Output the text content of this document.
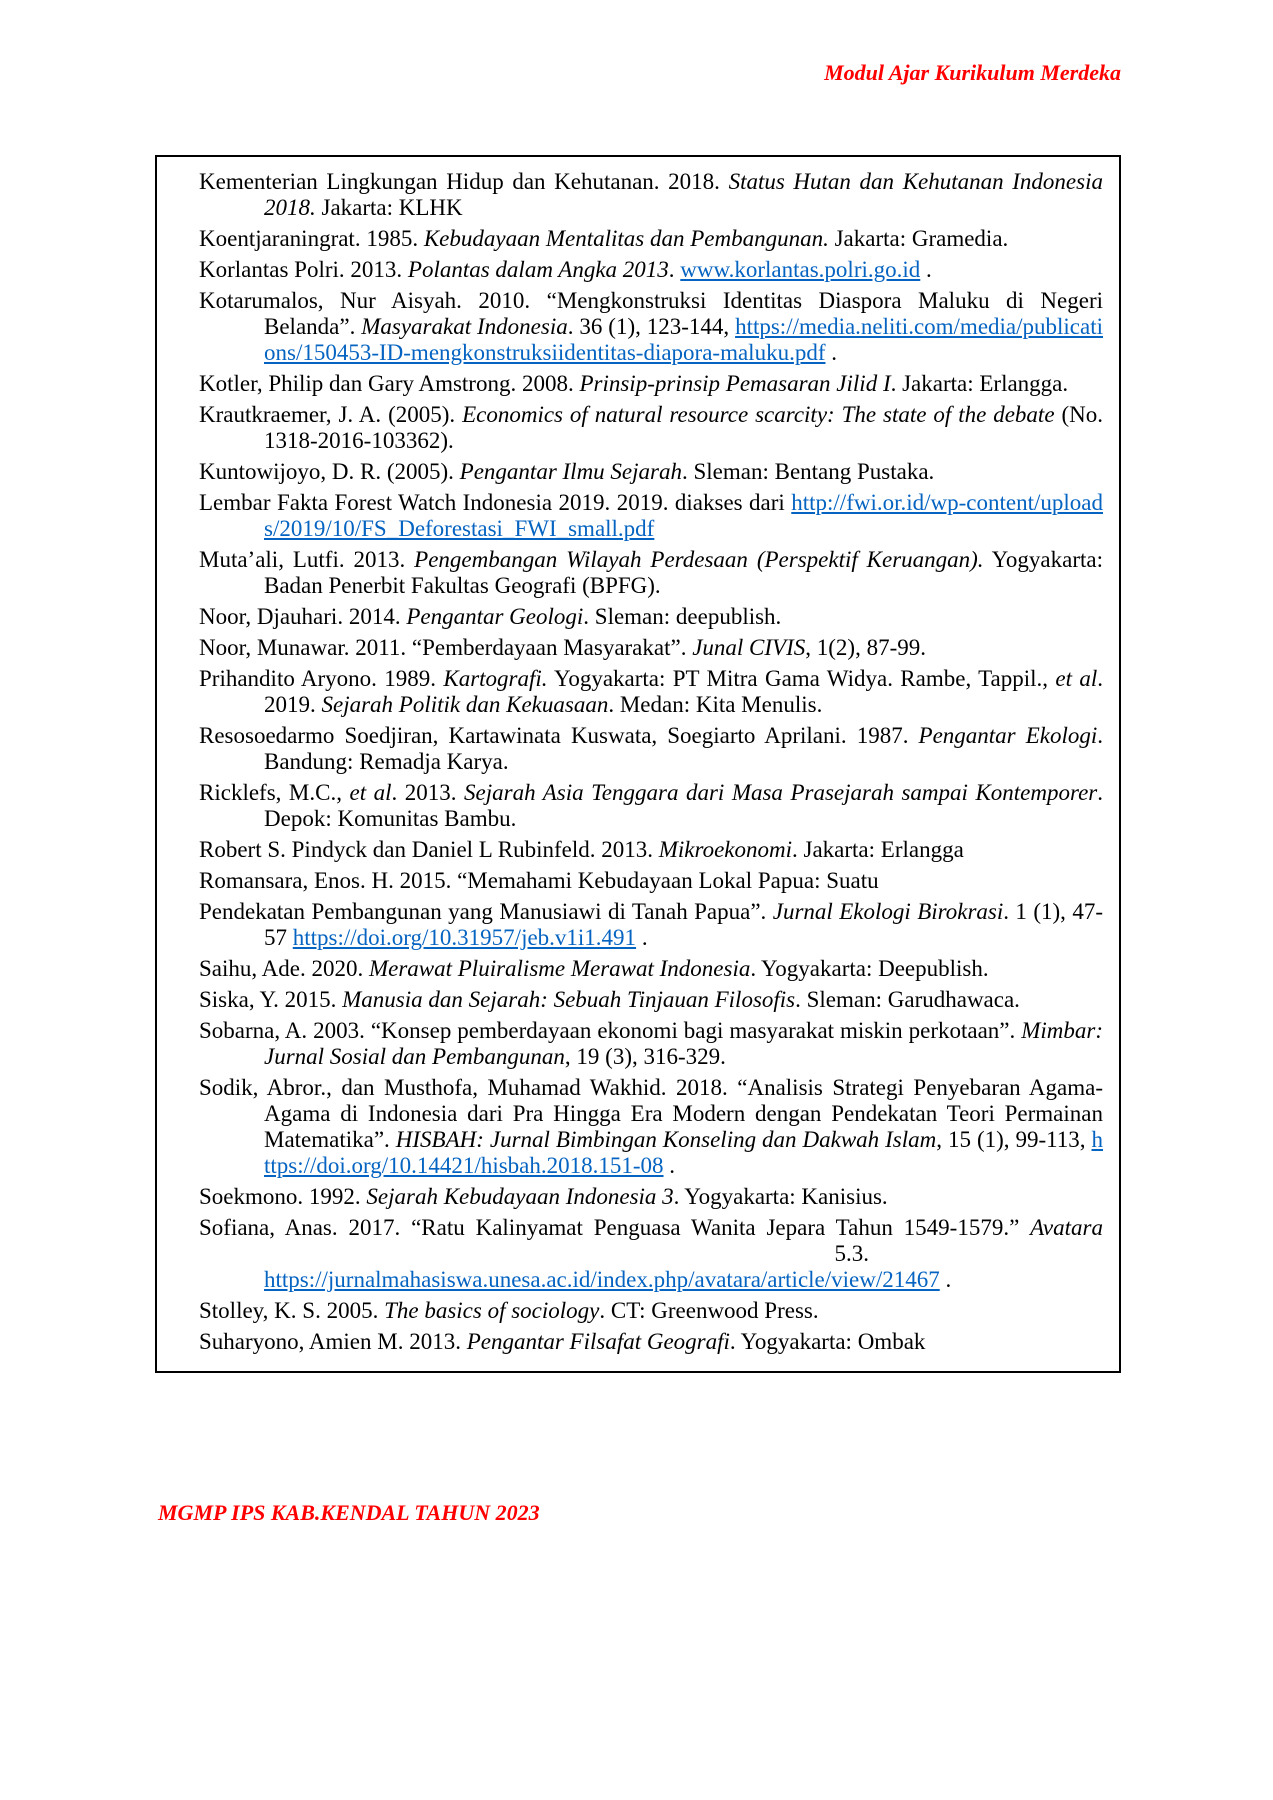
Modul Ajar Kurikulum Merdeka

Kementerian Lingkungan Hidup dan Kehutanan. 2018. Status Hutan dan Kehutanan Indonesia 2018. Jakarta: KLHK

Koentjaraningrat. 1985. Kebudayaan Mentalitas dan Pembangunan. Jakarta: Gramedia.

Korlantas Polri. 2013. Polantas dalam Angka 2013. www.korlantas.polri.go.id .

Kotarumalos, Nur Aisyah. 2010. “Mengkonstruksi Identitas Diaspora Maluku di Negeri Belanda”. Masyarakat Indonesia. 36 (1), 123-144, https://media.neliti.com/media/publications/150453-ID-mengkonstruksiidentitas-diapora-maluku.pdf .

Kotler, Philip dan Gary Amstrong. 2008. Prinsip-prinsip Pemasaran Jilid I. Jakarta: Erlangga.

Krautkraemer, J. A. (2005). Economics of natural resource scarcity: The state of the debate (No. 1318-2016-103362).

Kuntowijoyo, D. R. (2005). Pengantar Ilmu Sejarah. Sleman: Bentang Pustaka.

Lembar Fakta Forest Watch Indonesia 2019. 2019. diakses dari http://fwi.or.id/wp-content/uploads/2019/10/FS_Deforestasi_FWI_small.pdf

Muta’ali, Lutfi. 2013. Pengembangan Wilayah Perdesaan (Perspektif Keruangan). Yogyakarta: Badan Penerbit Fakultas Geografi (BPFG).

Noor, Djauhari. 2014. Pengantar Geologi. Sleman: deepublish.

Noor, Munawar. 2011. “Pemberdayaan Masyarakat”. Junal CIVIS, 1(2), 87-99.

Prihandito Aryono. 1989. Kartografi. Yogyakarta: PT Mitra Gama Widya. Rambe, Tappil., et al. 2019. Sejarah Politik dan Kekuasaan. Medan: Kita Menulis.

Resosoedarmo Soedjiran, Kartawinata Kuswata, Soegiarto Aprilani. 1987. Pengantar Ekologi. Bandung: Remadja Karya.

Ricklefs, M.C., et al. 2013. Sejarah Asia Tenggara dari Masa Prasejarah sampai Kontemporer. Depok: Komunitas Bambu.

Robert S. Pindyck dan Daniel L Rubinfeld. 2013. Mikroekonomi. Jakarta: Erlangga

Romansara, Enos. H. 2015. “Memahami Kebudayaan Lokal Papua: Suatu

Pendekatan Pembangunan yang Manusiawi di Tanah Papua”. Jurnal Ekologi Birokrasi. 1 (1), 47-57 https://doi.org/10.31957/jeb.v1i1.491 .

Saihu, Ade. 2020. Merawat Pluiralisme Merawat Indonesia. Yogyakarta: Deepublish.

Siska, Y. 2015. Manusia dan Sejarah: Sebuah Tinjauan Filosofis. Sleman: Garudhawaca.

Sobarna, A. 2003. “Konsep pemberdayaan ekonomi bagi masyarakat miskin perkotaan”. Mimbar: Jurnal Sosial dan Pembangunan, 19 (3), 316-329.

Sodik, Abror., dan Musthofa, Muhamad Wakhid. 2018. “Analisis Strategi Penyebaran Agama-Agama di Indonesia dari Pra Hingga Era Modern dengan Pendekatan Teori Permainan Matematika”. HISBAH: Jurnal Bimbingan Konseling dan Dakwah Islam, 15 (1), 99-113, https://doi.org/10.14421/hisbah.2018.151-08 .

Soekmono. 1992. Sejarah Kebudayaan Indonesia 3. Yogyakarta: Kanisius.

Sofiana, Anas. 2017. “Ratu Kalinyamat Penguasa Wanita Jepara Tahun 1549-1579.” Avatara5.3.
https://jurnalmahasiswa.unesa.ac.id/index.php/avatara/article/view/21467 .

Stolley, K. S. 2005. The basics of sociology. CT: Greenwood Press.

Suharyono, Amien M. 2013. Pengantar Filsafat Geografi. Yogyakarta: Ombak

MGMP IPS KAB.KENDAL TAHUN 2023
